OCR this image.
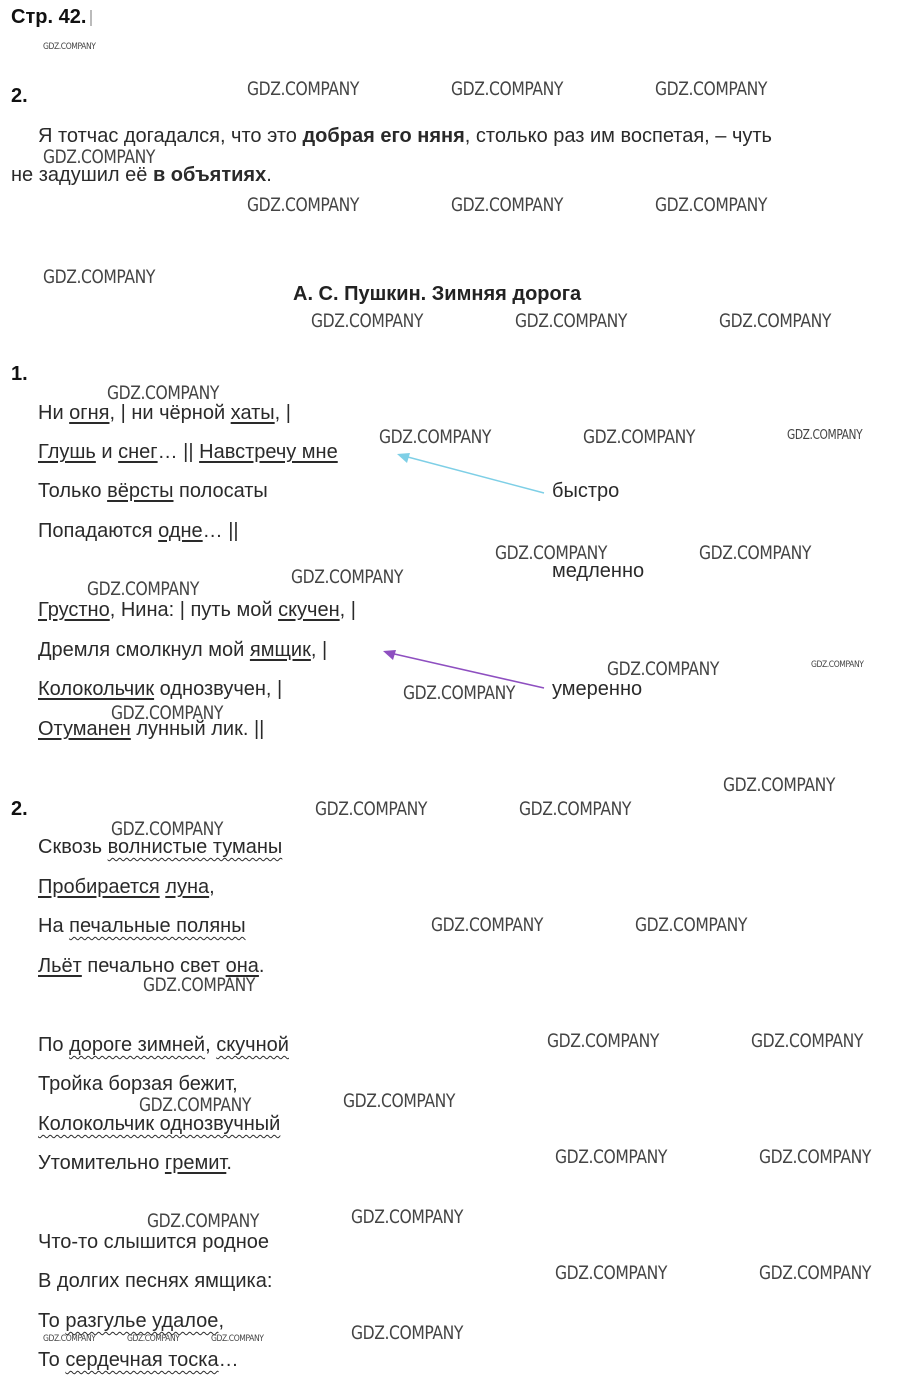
Стр. 42.
2.
Я тотчас догадался, что это добрая его няня, столько раз им воспетая, – чуть
не задушил её в объятиях.
А. С. Пушкин. Зимняя дорога
1.
Ни огня, | ни чёрной хаты, |
Глушь и снег… || Навстречу мне
Только вёрсты полосаты
Попадаются одне… ||
Грустно, Нина: | путь мой скучен, |
Дремля смолкнул мой ямщик, |
Колокольчик однозвучен, |
Отуманен лунный лик. ||
быстро
медленно
умеренно
2.
Сквозь волнистые туманы
Пробирается луна,
На печальные поляны
Льёт печально свет она.
По дороге зимней, скучной
Тройка борзая бежит,
Колокольчик однозвучный
Утомительно гремит.
Что-то слышится родное
В долгих песнях ямщика:
То разгулье удалое,
То сердечная тоска…
GDZ.COMPANY
GDZ.COMPANY	GDZ.COMPANY	GDZ.COMPANY
GDZ.COMPANY
GDZ.COMPANY	GDZ.COMPANY	GDZ.COMPANY
GDZ.COMPANY
GDZ.COMPANY	GDZ.COMPANY	GDZ.COMPANY
GDZ.COMPANY
GDZ.COMPANY	GDZ.COMPANY	GDZ.COMPANY
GDZ.COMPANY	GDZ.COMPANY
GDZ.COMPANY
GDZ.COMPANY
GDZ.COMPANY	GDZ.COMPANY
GDZ.COMPANY
GDZ.COMPANY
GDZ.COMPANY
GDZ.COMPANY	GDZ.COMPANY
GDZ.COMPANY
GDZ.COMPANY	GDZ.COMPANY
GDZ.COMPANY
GDZ.COMPANY	GDZ.COMPANY
GDZ.COMPANY
GDZ.COMPANY
GDZ.COMPANY	GDZ.COMPANY
GDZ.COMPANY
GDZ.COMPANY
GDZ.COMPANY	GDZ.COMPANY
GDZ.COMPANY	GDZ.COMPANY	GDZ.COMPANY	GDZ.COMPANY
